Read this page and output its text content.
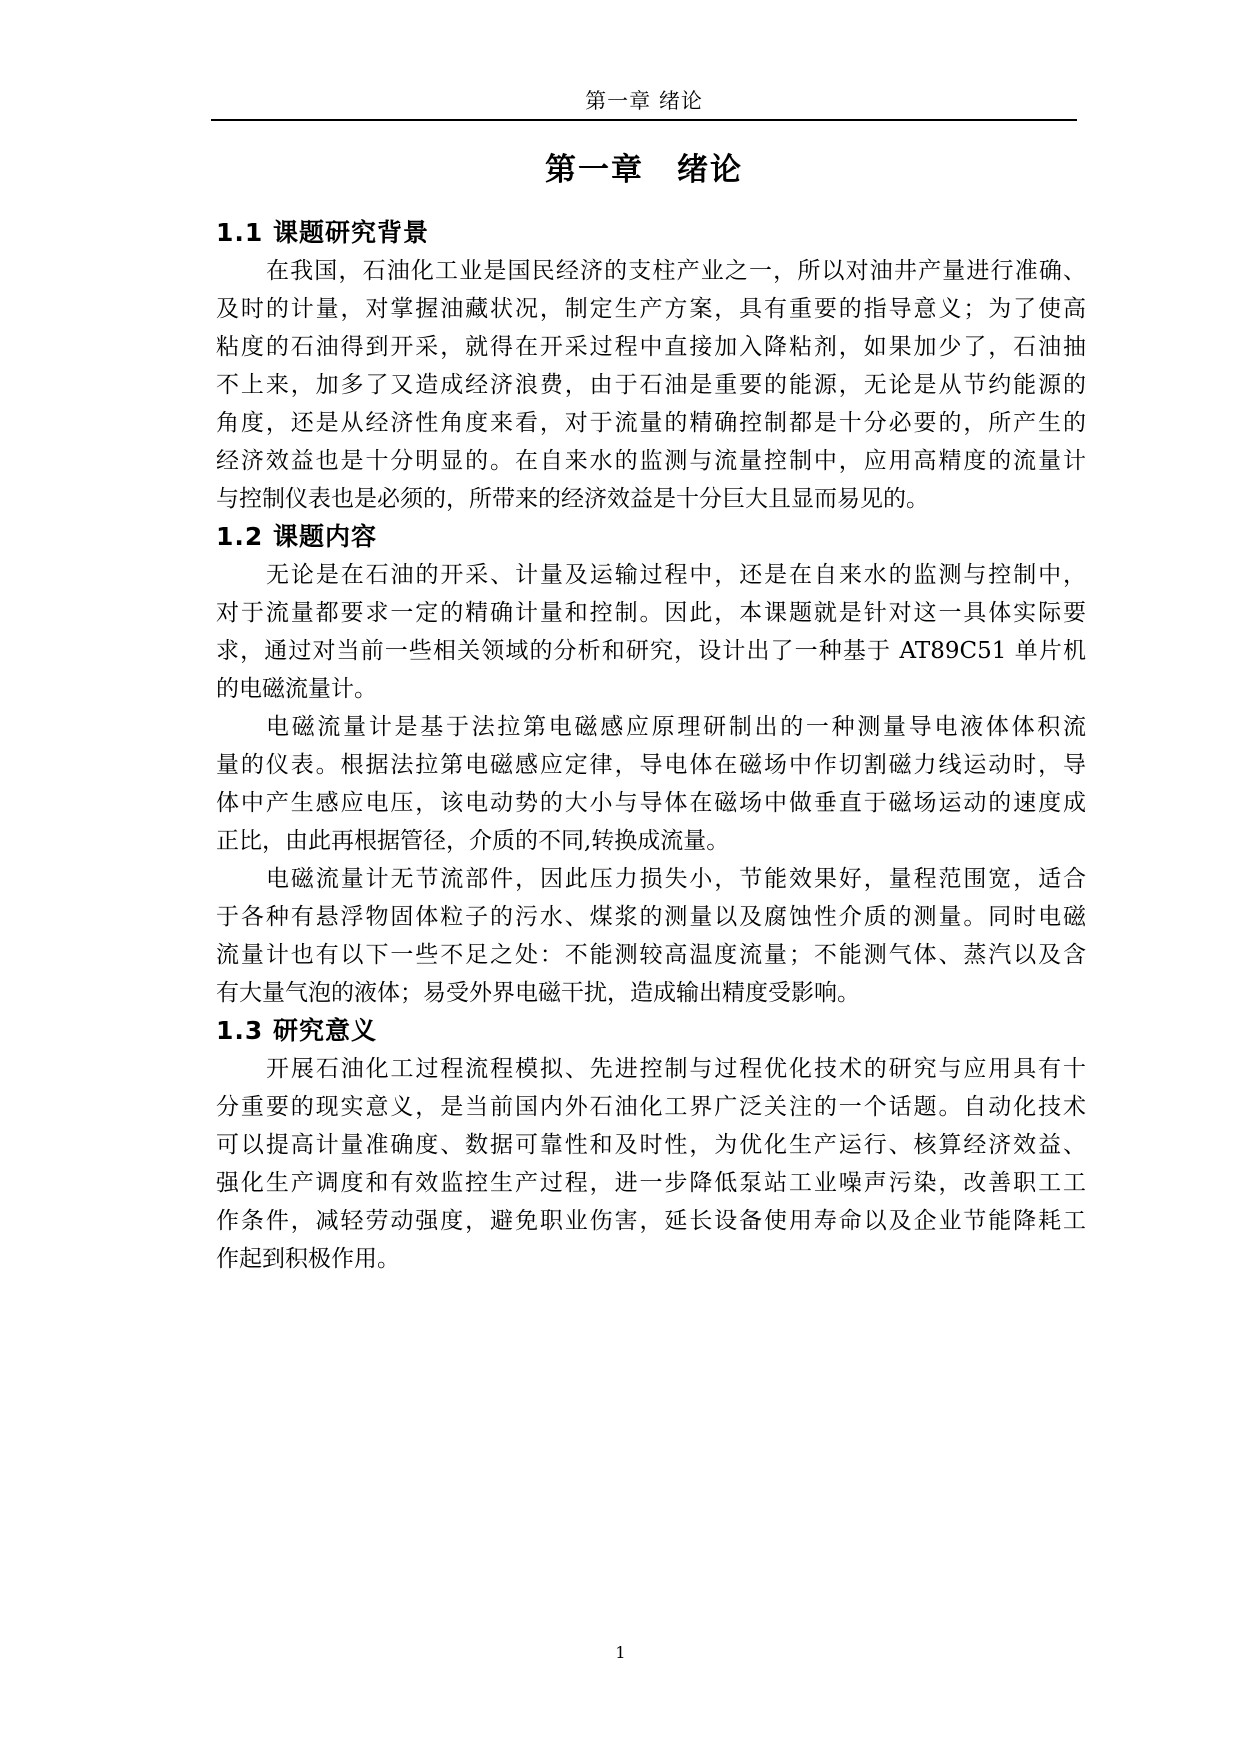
第一章 绪论
第一章　绪论
1.1 课题研究背景
在我国，石油化工业是国民经济的支柱产业之一，所以对油井产量进行准确、
及时的计量，对掌握油藏状况，制定生产方案，具有重要的指导意义；为了使高
粘度的石油得到开采，就得在开采过程中直接加入降粘剂，如果加少了，石油抽
不上来，加多了又造成经济浪费，由于石油是重要的能源，无论是从节约能源的
角度，还是从经济性角度来看，对于流量的精确控制都是十分必要的，所产生的
经济效益也是十分明显的。在自来水的监测与流量控制中，应用高精度的流量计
与控制仪表也是必须的，所带来的经济效益是十分巨大且显而易见的。
1.2 课题内容
无论是在石油的开采、计量及运输过程中，还是在自来水的监测与控制中，
对于流量都要求一定的精确计量和控制。因此，本课题就是针对这一具体实际要
求，通过对当前一些相关领域的分析和研究，设计出了一种基于 AT89C51 单片机
的电磁流量计。
电磁流量计是基于法拉第电磁感应原理研制出的一种测量导电液体体积流
量的仪表。根据法拉第电磁感应定律，导电体在磁场中作切割磁力线运动时，导
体中产生感应电压，该电动势的大小与导体在磁场中做垂直于磁场运动的速度成
正比，由此再根据管径，介质的不同,转换成流量。
电磁流量计无节流部件，因此压力损失小，节能效果好，量程范围宽，适合
于各种有悬浮物固体粒子的污水、煤浆的测量以及腐蚀性介质的测量。同时电磁
流量计也有以下一些不足之处：不能测较高温度流量；不能测气体、蒸汽以及含
有大量气泡的液体；易受外界电磁干扰，造成输出精度受影响。
1.3 研究意义
开展石油化工过程流程模拟、先进控制与过程优化技术的研究与应用具有十
分重要的现实意义，是当前国内外石油化工界广泛关注的一个话题。自动化技术
可以提高计量准确度、数据可靠性和及时性，为优化生产运行、核算经济效益、
强化生产调度和有效监控生产过程，进一步降低泵站工业噪声污染，改善职工工
作条件，减轻劳动强度，避免职业伤害，延长设备使用寿命以及企业节能降耗工
作起到积极作用。
1
